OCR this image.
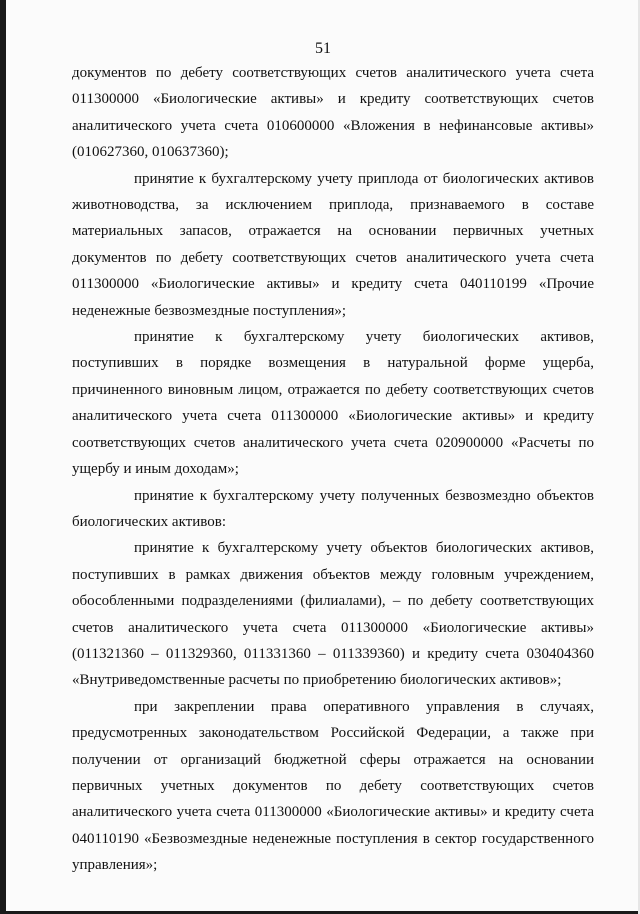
51

документов по дебету соответствующих счетов аналитического учета счета 011300000 «Биологические активы» и кредиту соответствующих счетов аналитического учета счета 010600000 «Вложения в нефинансовые активы» (010627360, 010637360);

принятие к бухгалтерскому учету приплода от биологических активов животноводства, за исключением приплода, признаваемого в составе материальных запасов, отражается на основании первичных учетных документов по дебету соответствующих счетов аналитического учета счета 011300000 «Биологические активы» и кредиту счета 040110199 «Прочие неденежные безвозмездные поступления»;

принятие к бухгалтерскому учету биологических активов, поступивших в порядке возмещения в натуральной форме ущерба, причиненного виновным лицом, отражается по дебету соответствующих счетов аналитического учета счета 011300000 «Биологические активы» и кредиту соответствующих счетов аналитического учета счета 020900000 «Расчеты по ущербу и иным доходам»;

принятие к бухгалтерскому учету полученных безвозмездно объектов биологических активов:

принятие к бухгалтерскому учету объектов биологических активов, поступивших в рамках движения объектов между головным учреждением, обособленными подразделениями (филиалами), – по дебету соответствующих счетов аналитического учета счета 011300000 «Биологические активы» (011321360 – 011329360, 011331360 – 011339360) и кредиту счета 030404360 «Внутриведомственные расчеты по приобретению биологических активов»;

при закреплении права оперативного управления в случаях, предусмотренных законодательством Российской Федерации, а также при получении от организаций бюджетной сферы отражается на основании первичных учетных документов по дебету соответствующих счетов аналитического учета счета 011300000 «Биологические активы» и кредиту счета 040110190 «Безвозмездные неденежные поступления в сектор государственного управления»;
